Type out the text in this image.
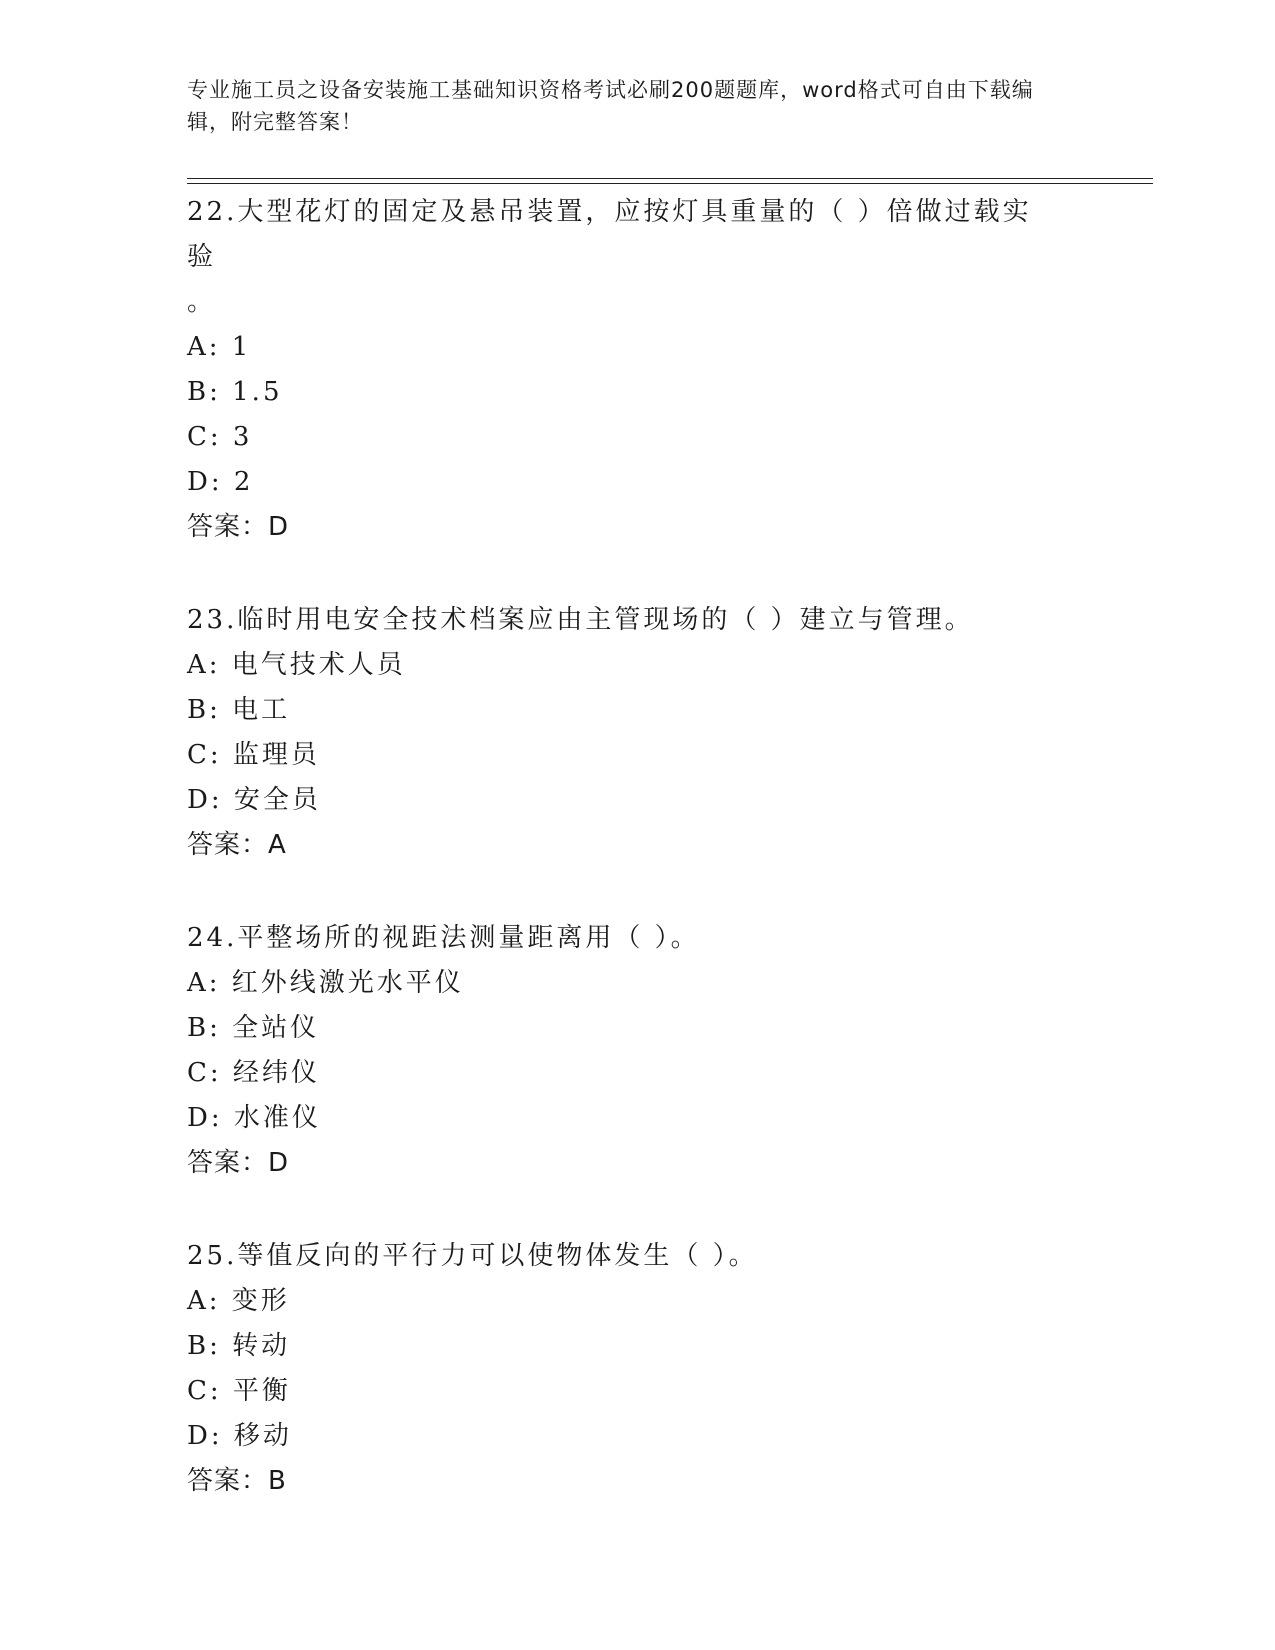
专业施工员之设备安装施工基础知识资格考试必刷200题题库，word格式可自由下载编辑，附完整答案！

22.大型花灯的固定及悬吊装置，应按灯具重量的（ ）倍做过载实验
。

A: 1

B: 1.5

C: 3

D: 2

答案：D

23.临时用电安全技术档案应由主管现场的（ ）建立与管理。

A: 电气技术人员

B: 电工

C: 监理员

D: 安全员

答案：A

24.平整场所的视距法测量距离用（ ）。

A: 红外线激光水平仪

B: 全站仪

C: 经纬仪

D: 水准仪

答案：D

25.等值反向的平行力可以使物体发生（ ）。

A: 变形

B: 转动

C: 平衡

D: 移动

答案：B
